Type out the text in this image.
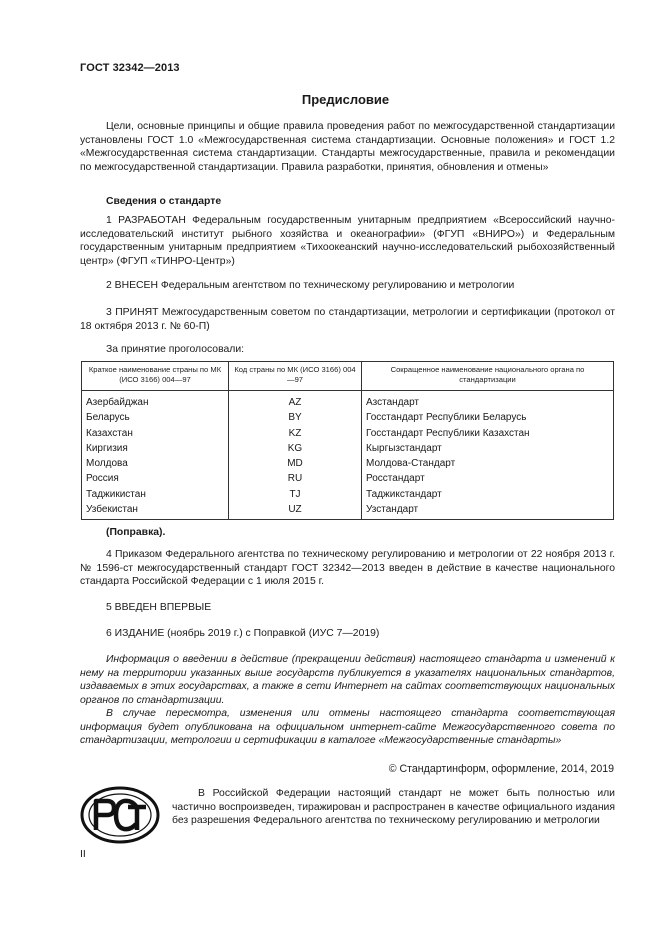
ГОСТ 32342—2013
Предисловие
Цели, основные принципы и общие правила проведения работ по межгосударственной стандартизации установлены ГОСТ 1.0 «Межгосударственная система стандартизации. Основные положения» и ГОСТ 1.2 «Межгосударственная система стандартизации. Стандарты межгосударственные, правила и рекомендации по межгосударственной стандартизации. Правила разработки, принятия, обновления и отмены»
Сведения о стандарте
1 РАЗРАБОТАН Федеральным государственным унитарным предприятием «Всероссийский научно-исследовательский институт рыбного хозяйства и океанографии» (ФГУП «ВНИРО») и Федеральным государственным унитарным предприятием «Тихоокеанский научно-исследовательский рыбохозяйственный центр» (ФГУП «ТИНРО-Центр»)
2 ВНЕСЕН Федеральным агентством по техническому регулированию и метрологии
3 ПРИНЯТ Межгосударственным советом по стандартизации, метрологии и сертификации (протокол от 18 октября 2013 г. № 60-П)
За принятие проголосовали:
Краткое наименование страны по МК (ИСО 3166) 004—97	Код страны по МК (ИСО 3166) 004—97	Сокращенное наименование национального органа по стандартизации
Азербайджан	AZ	Азстандарт
Беларусь	BY	Госстандарт Республики Беларусь
Казахстан	KZ	Госстандарт Республики Казахстан
Киргизия	KG	Кыргызстандарт
Молдова	MD	Молдова-Стандарт
Россия	RU	Росстандарт
Таджикистан	TJ	Таджикстандарт
Узбекистан	UZ	Узстандарт
(Поправка).
4 Приказом Федерального агентства по техническому регулированию и метрологии от 22 ноября 2013 г. № 1596-ст межгосударственный стандарт ГОСТ 32342—2013 введен в действие в качестве национального стандарта Российской Федерации с 1 июля 2015 г.
5 ВВЕДЕН ВПЕРВЫЕ
6 ИЗДАНИЕ (ноябрь 2019 г.) с Поправкой (ИУС 7—2019)

Информация о введении в действие (прекращении действия) настоящего стандарта и изменений к нему на территории указанных выше государств публикуется в указателях национальных стандартов, издаваемых в этих государствах, а также в сети Интернет на сайтах соответствующих национальных органов по стандартизации.

В случае пересмотра, изменения или отмены настоящего стандарта соответствующая информация будет опубликована на официальном интернет-сайте Межгосударственного совета по стандартизации, метрологии и сертификации в каталоге «Межгосударственные стандарты»

© Стандартинформ, оформление, 2014, 2019
В Российской Федерации настоящий стандарт не может быть полностью или частично воспроизведен, тиражирован и распространен в качестве официального издания без разрешения Федерального агентства по техническому регулированию и метрологии
II
